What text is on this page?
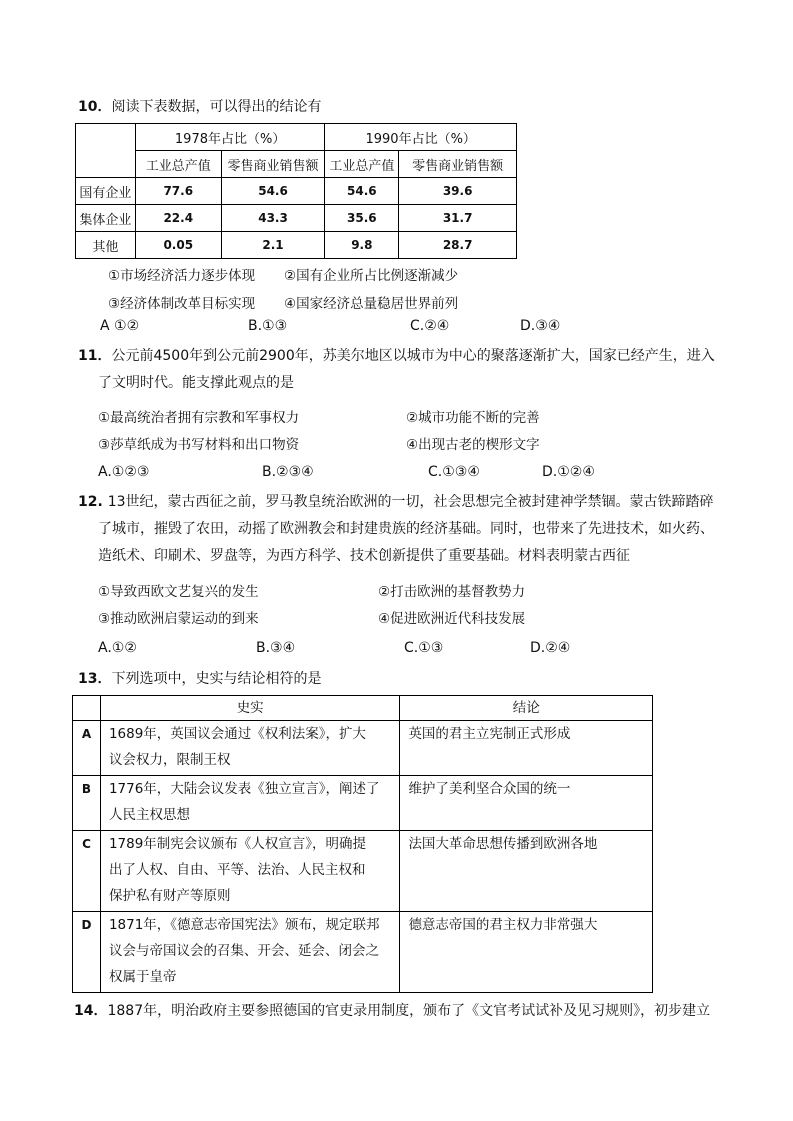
10．阅读下表数据，可以得出的结论有
	1978年占比（%）		1990年占比（%）	
	工业总产值	零售商业销售额	工业总产值	零售商业销售额
国有企业	77.6	54.6	54.6	39.6
集体企业	22.4	43.3	35.6	31.7
其他	0.05	2.1	9.8	28.7
①市场经济活力逐步体现 ②国有企业所占比例逐渐减少
③经济体制改革目标实现 ④国家经济总量稳居世界前列
A ①②	B.①③	C.②④	D.③④
11．公元前4500年到公元前2900年，苏美尔地区以城市为中心的聚落逐渐扩大，国家已经产生，进入
了文明时代。能支撑此观点的是
①最高统治者拥有宗教和军事权力	②城市功能不断的完善
③莎草纸成为书写材料和出口物资	④出现古老的楔形文字
A.①②③	B.②③④	C.①③④	D.①②④
12. 13世纪，蒙古西征之前，罗马教皇统治欧洲的一切，社会思想完全被封建神学禁锢。蒙古铁蹄踏碎
了城市，摧毁了农田，动摇了欧洲教会和封建贵族的经济基础。同时，也带来了先进技术，如火药、
造纸术、印刷术、罗盘等，为西方科学、技术创新提供了重要基础。材料表明蒙古西征
①导致西欧文艺复兴的发生	②打击欧洲的基督教势力
③推动欧洲启蒙运动的到来	④促进欧洲近代科技发展
A.①②	B.③④	C.①③	D.②④
13．下列选项中，史实与结论相符的是
	史实	结论
A	1689年，英国议会通过《权利法案》，扩大
议会权力，限制王权	英国的君主立宪制正式形成

B	1776年，大陆会议发表《独立宣言》，阐述了
人民主权思想	维护了美利坚合众国的统一

C	1789年制宪会议颁布《人权宣言》，明确提
出了人权、自由、平等、法治、人民主权和
保护私有财产等原则	法国大革命思想传播到欧洲各地

D	1871年，《德意志帝国宪法》颁布，规定联邦
议会与帝国议会的召集、开会、延会、闭会之
权属于皇帝	德意志帝国的君主权力非常强大
14．1887年，明治政府主要参照德国的官吏录用制度，颁布了《文官考试试补及见习规则》，初步建立
